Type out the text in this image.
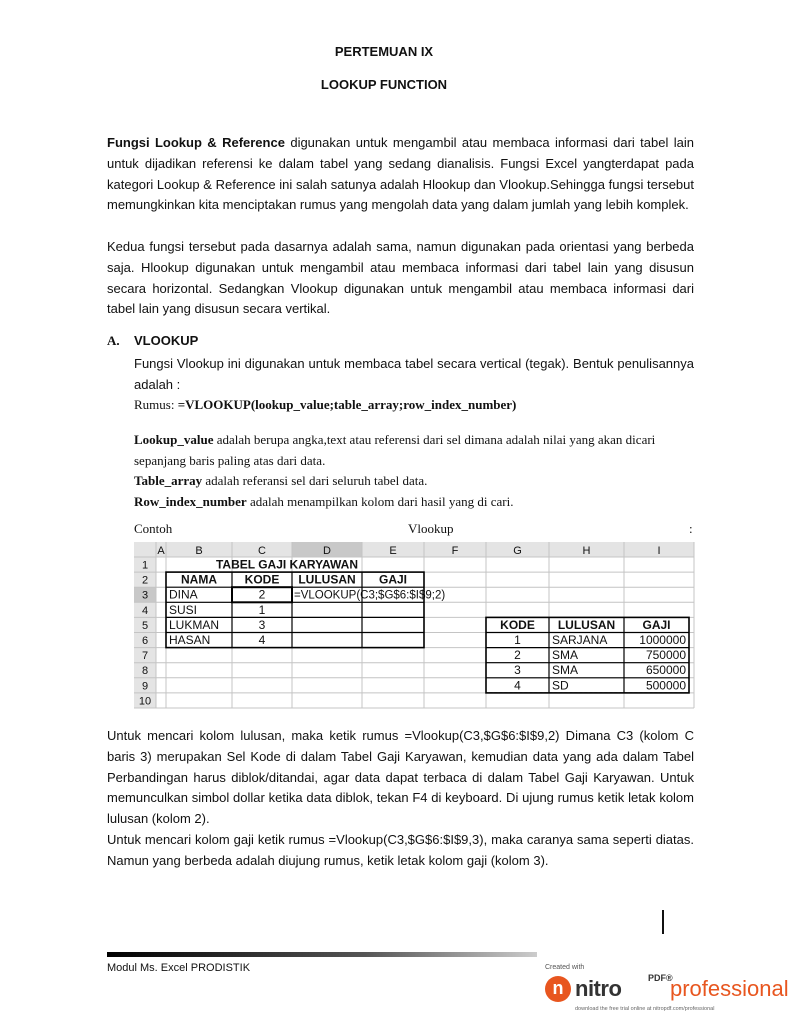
PERTEMUAN IX
LOOKUP FUNCTION
Fungsi Lookup & Reference digunakan untuk mengambil atau membaca informasi dari tabel lain untuk dijadikan referensi ke dalam tabel yang sedang dianalisis. Fungsi Excel yangterdapat pada kategori Lookup & Reference ini salah satunya adalah Hlookup dan Vlookup.Sehingga fungsi tersebut memungkinkan kita menciptakan rumus yang mengolah data yang dalam jumlah yang lebih komplek.
Kedua fungsi tersebut pada dasarnya adalah sama, namun digunakan pada orientasi yang berbeda saja. Hlookup digunakan untuk mengambil atau membaca informasi dari tabel lain yang disusun secara horizontal. Sedangkan Vlookup digunakan untuk mengambil atau membaca informasi dari tabel lain yang disusun secara vertikal.
A. VLOOKUP
Fungsi Vlookup ini digunakan untuk membaca tabel secara vertical (tegak). Bentuk penulisannya adalah :
Rumus: =VLOOKUP(lookup_value;table_array;row_index_number)
Lookup_value adalah berupa angka,text atau referensi dari sel dimana adalah nilai yang akan dicari sepanjang baris paling atas dari data.
Table_array adalah referansi sel dari seluruh tabel data.
Row_index_number adalah menampilkan kolom dari hasil yang di cari.
Contoh	Vlookup	:
A	B	C	D	E	F	G	H	I
1
2
3
4
5
6
7
8
9
10
TABEL GAJI KARYAWAN
NAMA KODE LULUSAN GAJI
DINA	2 =VLOOKUP(C3;$G$6:$I$9;2)
SUSI	1
LUKMAN	3
HASAN	4
KODE LULUSAN GAJI
1	SARJANA	1000000
2	SMA	750000
3	SMA	650000
4	SD	500000
Untuk mencari kolom lulusan, maka ketik rumus =Vlookup(C3,$G$6:$I$9,2) Dimana C3 (kolom C baris 3) merupakan Sel Kode di dalam Tabel Gaji Karyawan, kemudian data yang ada dalam Tabel Perbandingan harus diblok/ditandai, agar data dapat terbaca di dalam Tabel Gaji Karyawan. Untuk memunculkan simbol dollar ketika data diblok, tekan F4 di keyboard. Di ujung rumus ketik letak kolom lulusan (kolom 2).
Untuk mencari kolom gaji ketik rumus =Vlookup(C3,$G$6:$I$9,3), maka caranya sama seperti diatas. Namun yang berbeda adalah diujung rumus, ketik letak kolom gaji (kolom 3).
Modul Ms. Excel PRODISTIK	Created with
n nitro	PDF®
professional
download the free trial online at nitropdf.com/professional
